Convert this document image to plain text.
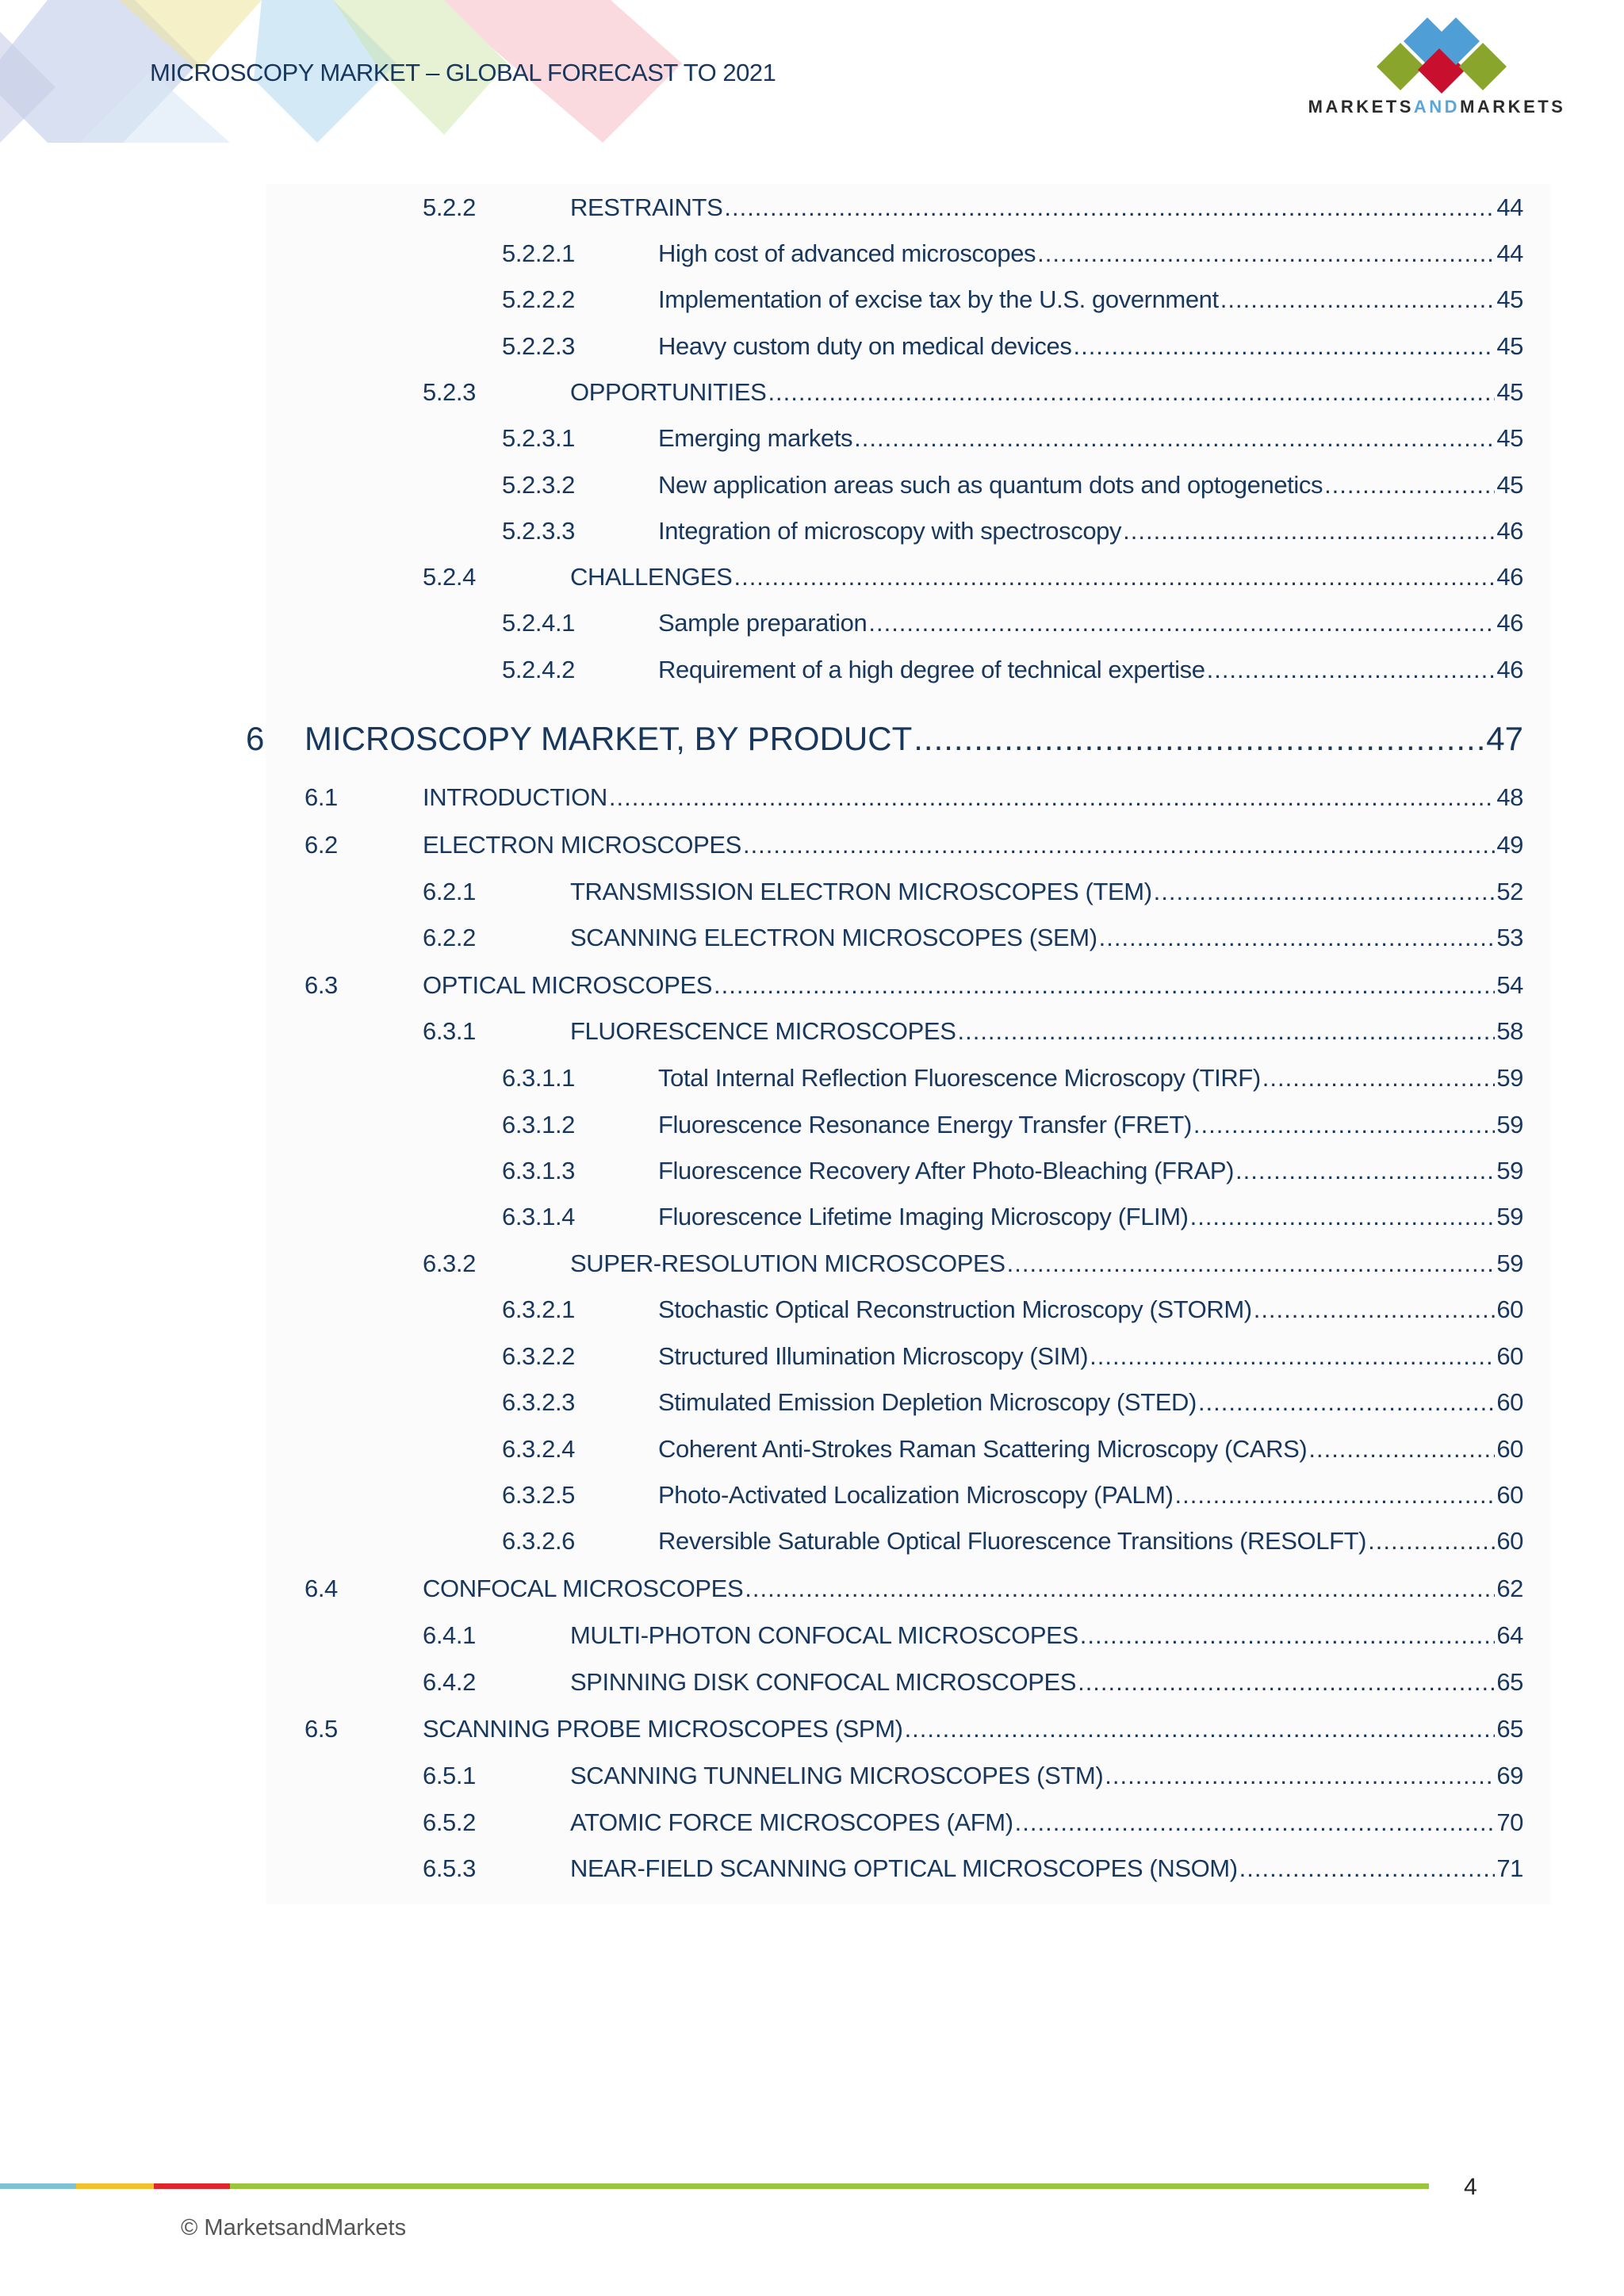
MICROSCOPY MARKET – GLOBAL FORECAST TO 2021
MARKETSANDMARKETS
5.2.2	RESTRAINTS .....	44
5.2.2.1	High cost of advanced microscopes .....	44
5.2.2.2	Implementation of excise tax by the U.S. government .....	45
5.2.2.3	Heavy custom duty on medical devices .....	45
5.2.3	OPPORTUNITIES .....	45
5.2.3.1	Emerging markets .....	45
5.2.3.2	New application areas such as quantum dots and optogenetics .....	45
5.2.3.3	Integration of microscopy with spectroscopy .....	46
5.2.4	CHALLENGES .....	46
5.2.4.1	Sample preparation .....	46
5.2.4.2	Requirement of a high degree of technical expertise .....	46
6 MICROSCOPY MARKET, BY PRODUCT .....	47
6.1	INTRODUCTION .....	48
6.2	ELECTRON MICROSCOPES .....	49
6.2.1	TRANSMISSION ELECTRON MICROSCOPES (TEM) .....	52
6.2.2	SCANNING ELECTRON MICROSCOPES (SEM) .....	53
6.3	OPTICAL MICROSCOPES .....	54
6.3.1	FLUORESCENCE MICROSCOPES .....	58
6.3.1.1	Total Internal Reflection Fluorescence Microscopy (TIRF) .....	59
6.3.1.2	Fluorescence Resonance Energy Transfer (FRET) .....	59
6.3.1.3	Fluorescence Recovery After Photo-Bleaching (FRAP) .....	59
6.3.1.4	Fluorescence Lifetime Imaging Microscopy (FLIM) .....	59
6.3.2	SUPER-RESOLUTION MICROSCOPES .....	59
6.3.2.1	Stochastic Optical Reconstruction Microscopy (STORM) .....	60
6.3.2.2	Structured Illumination Microscopy (SIM) .....	60
6.3.2.3	Stimulated Emission Depletion Microscopy (STED) .....	60
6.3.2.4	Coherent Anti-Strokes Raman Scattering Microscopy (CARS) .....	60
6.3.2.5	Photo-Activated Localization Microscopy (PALM) .....	60
6.3.2.6	Reversible Saturable Optical Fluorescence Transitions (RESOLFT) .....	60
6.4	CONFOCAL MICROSCOPES .....	62
6.4.1	MULTI-PHOTON CONFOCAL MICROSCOPES .....	64
6.4.2	SPINNING DISK CONFOCAL MICROSCOPES .....	65
6.5	SCANNING PROBE MICROSCOPES (SPM) .....	65
6.5.1	SCANNING TUNNELING MICROSCOPES (STM) .....	69
6.5.2	ATOMIC FORCE MICROSCOPES (AFM) .....	70
6.5.3	NEAR-FIELD SCANNING OPTICAL MICROSCOPES (NSOM) .....	71
4
© MarketsandMarkets
